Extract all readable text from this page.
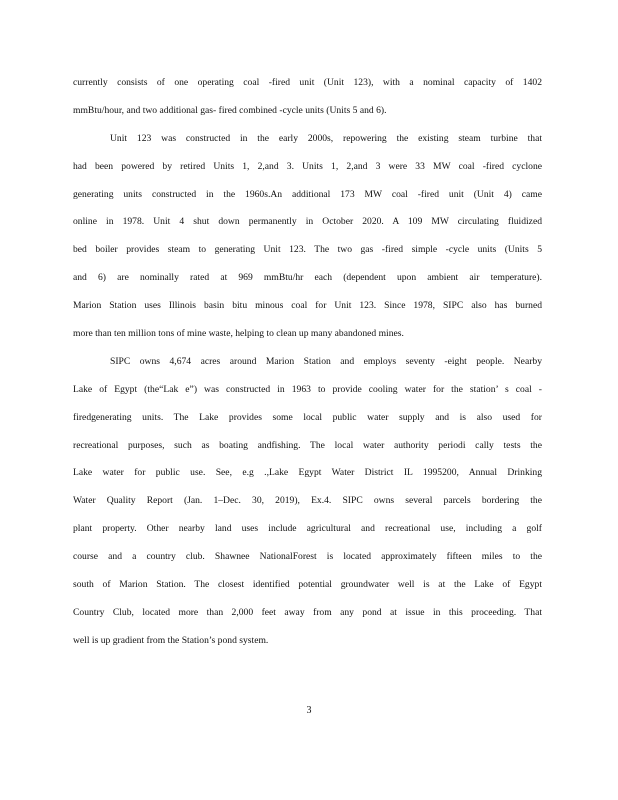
currently consists of one operating coal -fired unit (Unit 123), with a nominal capacity of 1402
mmBtu/hour, and two additional gas- fired combined -cycle units (Units 5 and 6).
Unit 123 was constructed in the early 2000s, repowering the existing steam turbine that
had been powered by retired Units 1, 2,and 3. Units 1, 2,and 3 were 33 MW coal -fired cyclone
generating units constructed in the 1960s.An additional 173 MW coal -fired unit (Unit 4) came
online in 1978. Unit 4 shut down permanently in October 2020. A 109 MW circulating fluidized
bed boiler provides steam to generating Unit 123. The two gas -fired simple -cycle units (Units 5
and 6) are nominally rated at 969 mmBtu/hr each (dependent upon ambient air temperature).
Marion Station uses Illinois basin bitu minous coal for Unit 123. Since 1978, SIPC also has burned
more than ten million tons of mine waste, helping to clean up many abandoned mines.
SIPC owns 4,674 acres around Marion Station and employs seventy -eight people. Nearby
Lake of Egypt (the“Lak e”) was constructed in 1963 to provide cooling water for the station’ s coal -
firedgenerating units. The Lake provides some local public water supply and is also used for
recreational purposes, such as boating andfishing. The local water authority periodi cally tests the
Lake water for public use. See, e.g .,Lake Egypt Water District IL 1995200, Annual Drinking
Water Quality Report (Jan. 1–Dec. 30, 2019), Ex.4. SIPC owns several parcels bordering the
plant property. Other nearby land uses include agricultural and recreational use, including a golf
course and a country club. Shawnee NationalForest is located approximately fifteen miles to the
south of Marion Station. The closest identified potential groundwater well is at the Lake of Egypt
Country Club, located more than 2,000 feet away from any pond at issue in this proceeding. That
well is up gradient from the Station’s pond system.
3
